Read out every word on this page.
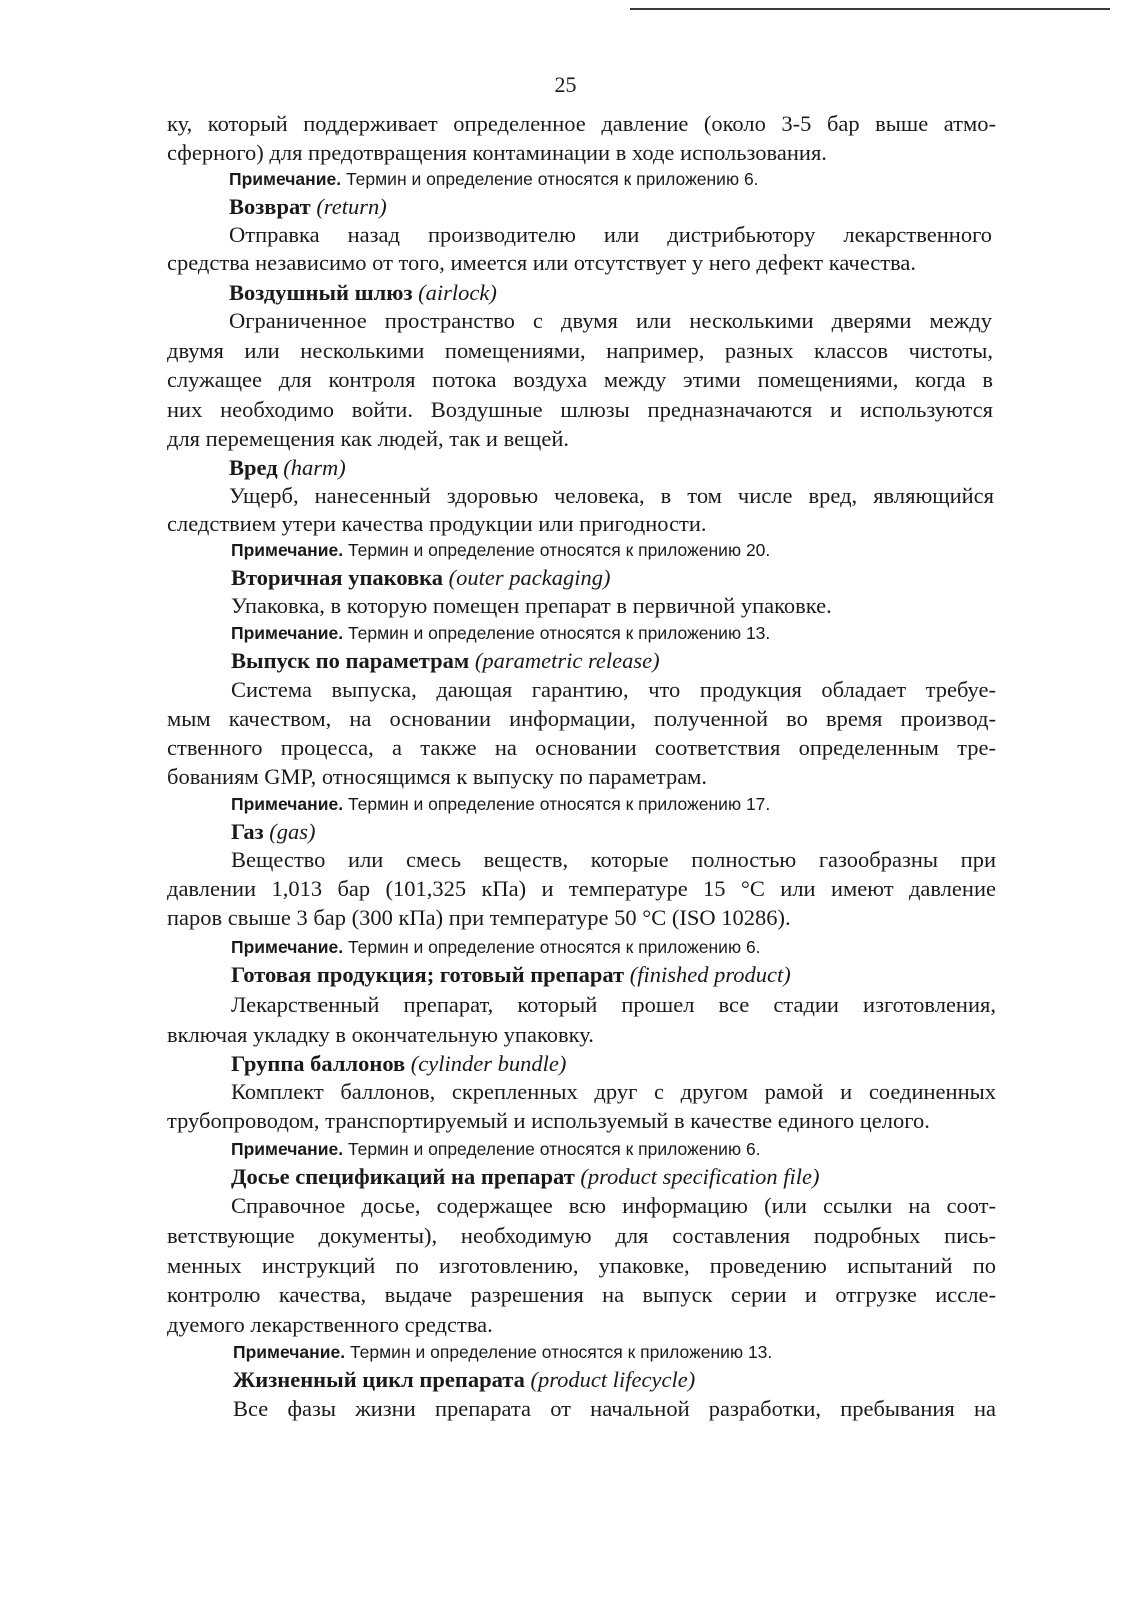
25
ку, который поддерживает определенное давление (около 3-5 бар выше атмо-
сферного) для предотвращения контаминации в ходе использования.
Примечание. Термин и определение относятся к приложению 6.
Возврат (return)
Отправка назад производителю или дистрибьютору лекарственного
средства независимо от того, имеется или отсутствует у него дефект качества.
Воздушный шлюз (airlock)
Ограниченное пространство с двумя или несколькими дверями между
двумя или несколькими помещениями, например, разных классов чистоты,
служащее для контроля потока воздуха между этими помещениями, когда в
них необходимо войти. Воздушные шлюзы предназначаются и используются
для перемещения как людей, так и вещей.
Вред (harm)
Ущерб, нанесенный здоровью человека, в том числе вред, являющийся
следствием утери качества продукции или пригодности.
Примечание. Термин и определение относятся к приложению 20.
Вторичная упаковка (outer packaging)
Упаковка, в которую помещен препарат в первичной упаковке.
Примечание. Термин и определение относятся к приложению 13.
Выпуск по параметрам (parametric release)
Система выпуска, дающая гарантию, что продукция обладает требуе-
мым качеством, на основании информации, полученной во время производ-
ственного процесса, а также на основании соответствия определенным тре-
бованиям GMP, относящимся к выпуску по параметрам.
Примечание. Термин и определение относятся к приложению 17.
Газ (gas)
Вещество или смесь веществ, которые полностью газообразны при
давлении 1,013 бар (101,325 кПа) и температуре 15 °С или имеют давление
паров свыше 3 бар (300 кПа) при температуре 50 °С (ISO 10286).
Примечание. Термин и определение относятся к приложению 6.
Готовая продукция; готовый препарат (finished product)
Лекарственный препарат, который прошел все стадии изготовления,
включая укладку в окончательную упаковку.
Группа баллонов (cylinder bundle)
Комплект баллонов, скрепленных друг с другом рамой и соединенных
трубопроводом, транспортируемый и используемый в качестве единого целого.
Примечание. Термин и определение относятся к приложению 6.
Досье спецификаций на препарат (product specification file)
Справочное досье, содержащее всю информацию (или ссылки на соот-
ветствующие документы), необходимую для составления подробных пись-
менных инструкций по изготовлению, упаковке, проведению испытаний по
контролю качества, выдаче разрешения на выпуск серии и отгрузке иссле-
дуемого лекарственного средства.
Примечание. Термин и определение относятся к приложению 13.
Жизненный цикл препарата (product lifecycle)
Все фазы жизни препарата от начальной разработки, пребывания на
